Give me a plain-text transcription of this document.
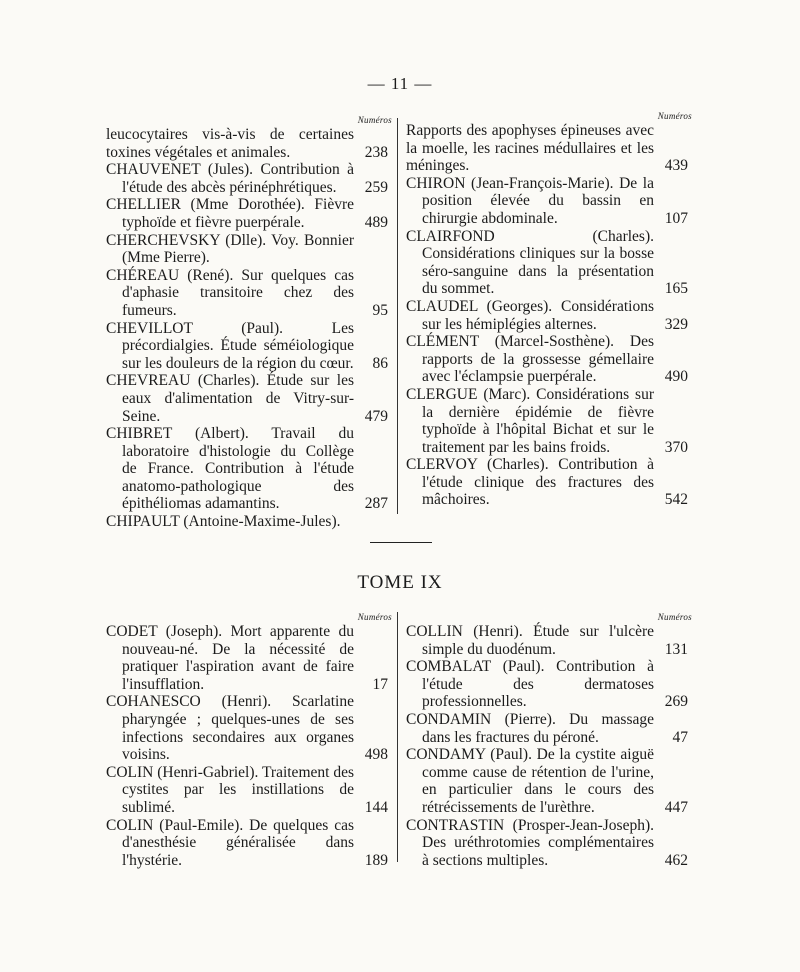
— 11 —
Numéros
leucocytaires vis-à-vis de certaines toxines végétales et animales.	238
CHAUVENET (Jules). Contribution à l'étude des abcès périnéphrétiques. 259
CHELLIER (Mme Dorothée). Fièvre typhoïde et fièvre puerpérale.	489
CHERCHEVSKY (Dlle). Voy. Bonnier (Mme Pierre).
CHÉREAU (René). Sur quelques cas d'aphasie transitoire chez des fumeurs.	95
CHEVILLOT (Paul). Les précordialgies. Étude séméiologique sur les douleurs de la région du cœur. 86
CHEVREAU (Charles). Étude sur les eaux d'alimentation de Vitry-sur-Seine.	479
CHIBRET (Albert). Travail du laboratoire d'histologie du Collège de France. Contribution à l'étude anatomo-pathologique des épithéliomas adamantins.	287
CHIPAULT (Antoine-Maxime-Jules).
Numéros
Rapports des apophyses épineuses avec la moelle, les racines médullaires et les méninges.	439
CHIRON (Jean-François-Marie). De la position élevée du bassin en chirurgie abdominale.	107
CLAIRFOND (Charles). Considérations cliniques sur la bosse séro-sanguine dans la présentation du sommet.	165
CLAUDEL (Georges). Considérations sur les hémiplégies alternes.	329
CLÉMENT (Marcel-Sosthène). Des rapports de la grossesse gémellaire avec l'éclampsie puerpérale.	490
CLERGUE (Marc). Considérations sur la dernière épidémie de fièvre typhoïde à l'hôpital Bichat et sur le traitement par les bains froids.	370
CLERVOY (Charles). Contribution à l'étude clinique des fractures des mâchoires.	542
TOME IX
Numéros
CODET (Joseph). Mort apparente du nouveau-né. De la nécessité de pratiquer l'aspiration avant de faire l'insufflation.	17
COHANESCO (Henri). Scarlatine pharyngée ; quelques-unes de ses infections secondaires aux organes voisins.	498
COLIN (Henri-Gabriel). Traitement des cystites par les instillations de sublimé.	144
COLIN (Paul-Emile). De quelques cas d'anesthésie généralisée dans l'hystérie.	189
Numéros
COLLIN (Henri). Étude sur l'ulcère simple du duodénum.	131
COMBALAT (Paul). Contribution à l'étude des dermatoses professionnelles.	269
CONDAMIN (Pierre). Du massage dans les fractures du péroné.	47
CONDAMY (Paul). De la cystite aiguë comme cause de rétention de l'urine, en particulier dans le cours des rétrécissements de l'urèthre.	447
CONTRASTIN (Prosper-Jean-Joseph). Des uréthrotomies complémentaires à sections multiples.	462
